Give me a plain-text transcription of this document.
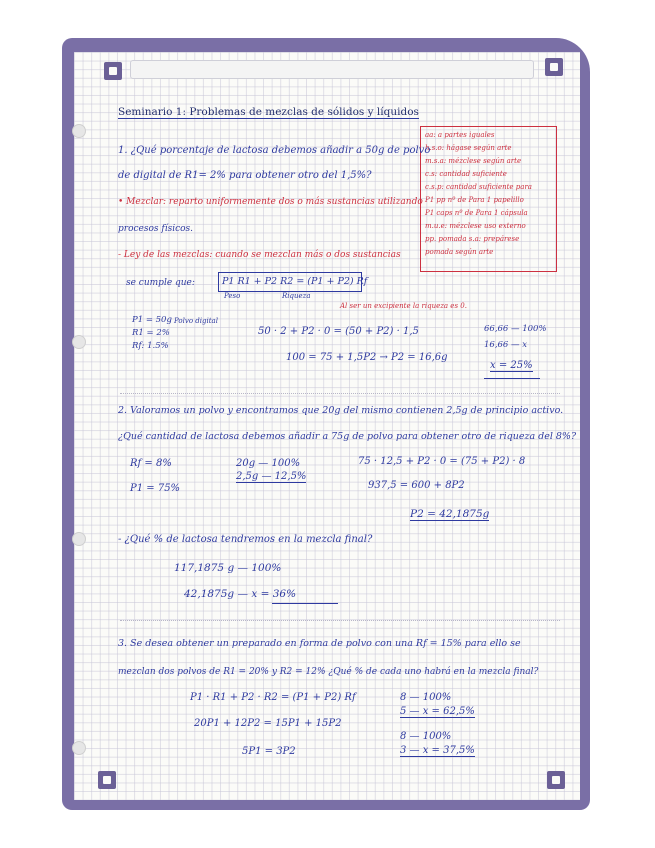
Seminario 1: Problemas de mezclas de sólidos y líquidos
aa: a partes iguales
h.s.o: hágase según arte
m.s.a: mézclese según arte
c.s: cantidad suficiente
c.s.p: cantidad suficiente para
P1 pp nº de Para 1 papelillo
P1 caps nº de Para 1 cápsula
m.u.e: mézclese uso externo
pp. pomada s.a: prepárese
pomada según arte
1. ¿Qué porcentaje de lactosa debemos añadir a 50g de polvo
de digital de R1= 2% para obtener otro del 1,5%?
• Mezclar: reparto uniformemente dos o más sustancias utilizando
procesos físicos.
- Ley de las mezclas: cuando se mezclan más o dos sustancias
se cumple que:	P1 R1 + P2 R2 = (P1 + P2) Rf
Peso	Riqueza
Al ser un excipiente la riqueza es 0.
P1 = 50g Polvo digital
R1 = 2%
Rf: 1.5%
50 · 2 + P2 · 0 = (50 + P2) · 1,5
100 = 75 + 1,5P2 → P2 = 16,6g
66,66 — 100%
16,66 — x
x = 25%
2. Valoramos un polvo y encontramos que 20g del mismo contienen 2,5g de principio activo.
¿Qué cantidad de lactosa debemos añadir a 75g de polvo para obtener otro de riqueza del 8%?
Rf = 8%
P1 = 75%
20g — 100%
2,5g — 12,5%
75 · 12,5 + P2 · 0 = (75 + P2) · 8
937,5 = 600 + 8P2
P2 = 42,1875g
- ¿Qué % de lactosa tendremos en la mezcla final?
117,1875 g — 100%
42,1875g — x = 36%
3. Se desea obtener un preparado en forma de polvo con una Rf = 15% para ello se
mezclan dos polvos de R1 = 20% y R2 = 12% ¿Qué % de cada uno habrá en la mezcla final?
P1 · R1 + P2 · R2 = (P1 + P2) Rf
20P1 + 12P2 = 15P1 + 15P2
5P1 = 3P2
8 — 100%
5 — x = 62,5%
8 — 100%
3 — x = 37,5%
